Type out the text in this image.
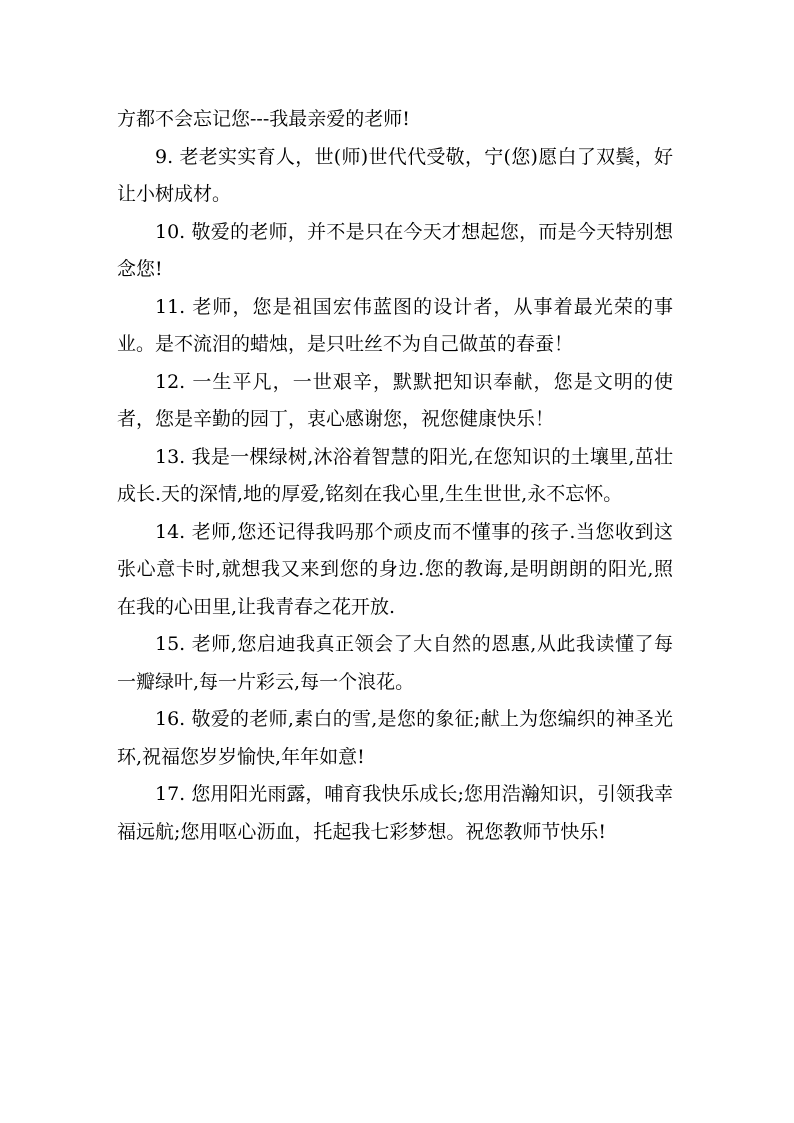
方都不会忘记您---我最亲爱的老师!

9. 老老实实育人，世(师)世代代受敬，宁(您)愿白了双鬓，好让小树成材。

10. 敬爱的老师，并不是只在今天才想起您，而是今天特别想念您!

11. 老师，您是祖国宏伟蓝图的设计者，从事着最光荣的事业。是不流泪的蜡烛，是只吐丝不为自己做茧的春蚕！

12. 一生平凡，一世艰辛，默默把知识奉献，您是文明的使者，您是辛勤的园丁，衷心感谢您，祝您健康快乐！

13. 我是一棵绿树,沐浴着智慧的阳光,在您知识的土壤里,茁壮成长.天的深情,地的厚爱,铭刻在我心里,生生世世,永不忘怀。

14. 老师,您还记得我吗那个顽皮而不懂事的孩子.当您收到这张心意卡时,就想我又来到您的身边.您的教诲,是明朗朗的阳光,照在我的心田里,让我青春之花开放.

15. 老师,您启迪我真正领会了大自然的恩惠,从此我读懂了每一瓣绿叶,每一片彩云,每一个浪花。

16. 敬爱的老师,素白的雪,是您的象征;献上为您编织的神圣光环,祝福您岁岁愉快,年年如意!

17. 您用阳光雨露，哺育我快乐成长;您用浩瀚知识，引领我幸福远航;您用呕心沥血，托起我七彩梦想。祝您教师节快乐!
